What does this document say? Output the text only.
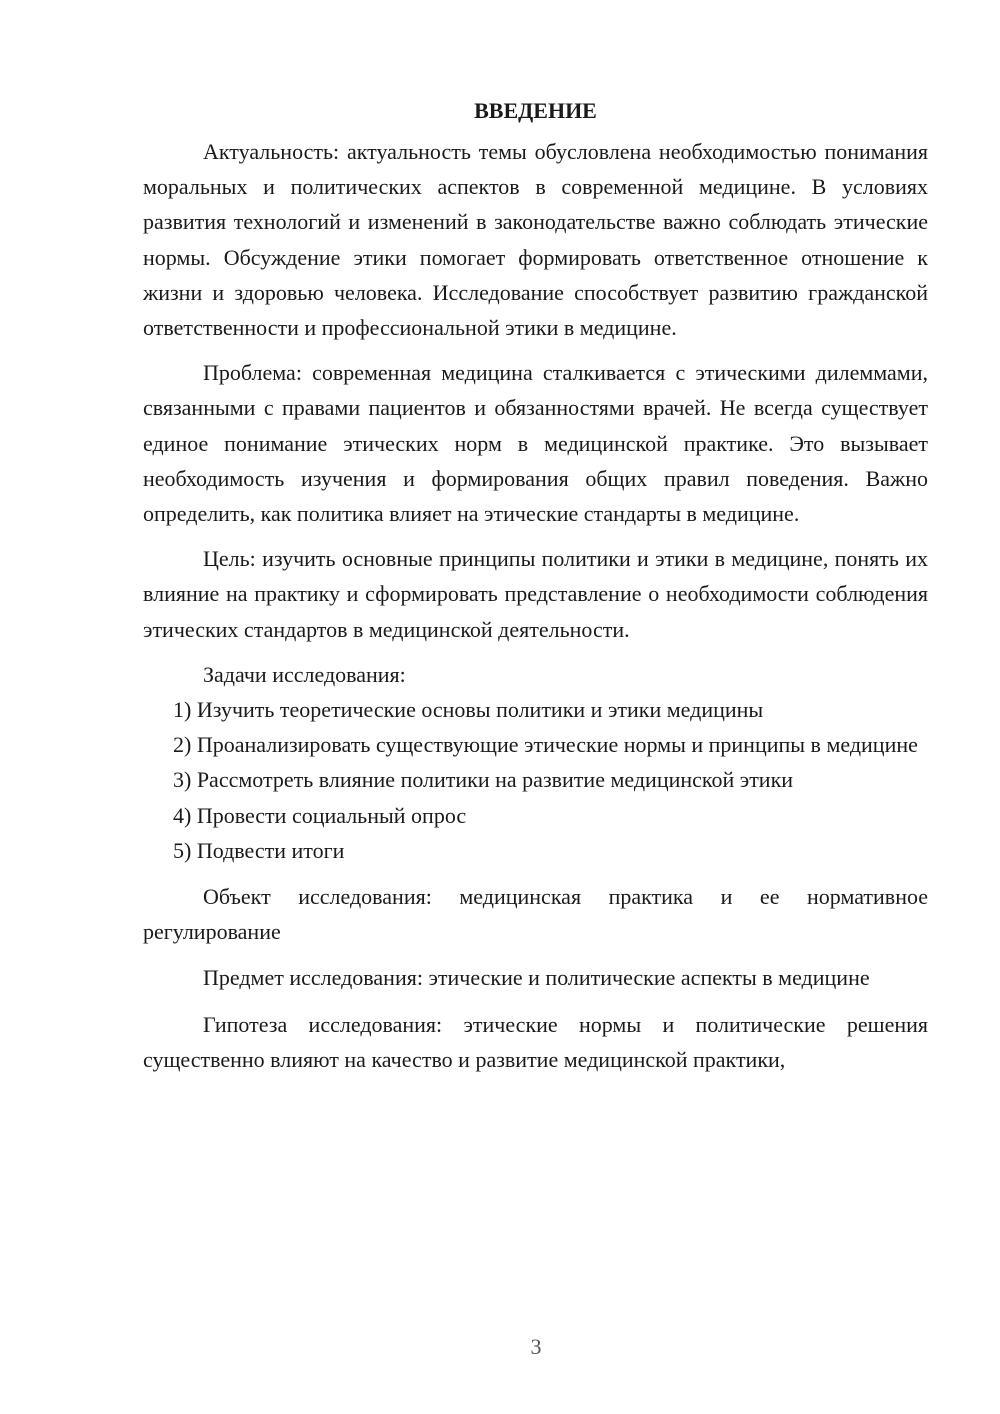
ВВЕДЕНИЕ

Актуальность: актуальность темы обусловлена необходимостью понимания моральных и политических аспектов в современной медицине. В условиях развития технологий и изменений в законодательстве важно соблюдать этические нормы. Обсуждение этики помогает формировать ответственное отношение к жизни и здоровью человека. Исследование способствует развитию гражданской ответственности и профессиональной этики в медицине.

Проблема: современная медицина сталкивается с этическими дилеммами, связанными с правами пациентов и обязанностями врачей. Не всегда существует единое понимание этических норм в медицинской практике. Это вызывает необходимость изучения и формирования общих правил поведения. Важно определить, как политика влияет на этические стандарты в медицине.

Цель: изучить основные принципы политики и этики в медицине, понять их влияние на практику и сформировать представление о необходимости соблюдения этических стандартов в медицинской деятельности.

Задачи исследования:

1) Изучить теоретические основы политики и этики медицины

2) Проанализировать существующие этические нормы и принципы в медицине

3) Рассмотреть влияние политики на развитие медицинской этики

4) Провести социальный опрос

5) Подвести итоги

Объект исследования: медицинская практика и ее нормативное регулирование

Предмет исследования: этические и политические аспекты в медицине

Гипотеза исследования: этические нормы и политические решения существенно влияют на качество и развитие медицинской практики,

3
